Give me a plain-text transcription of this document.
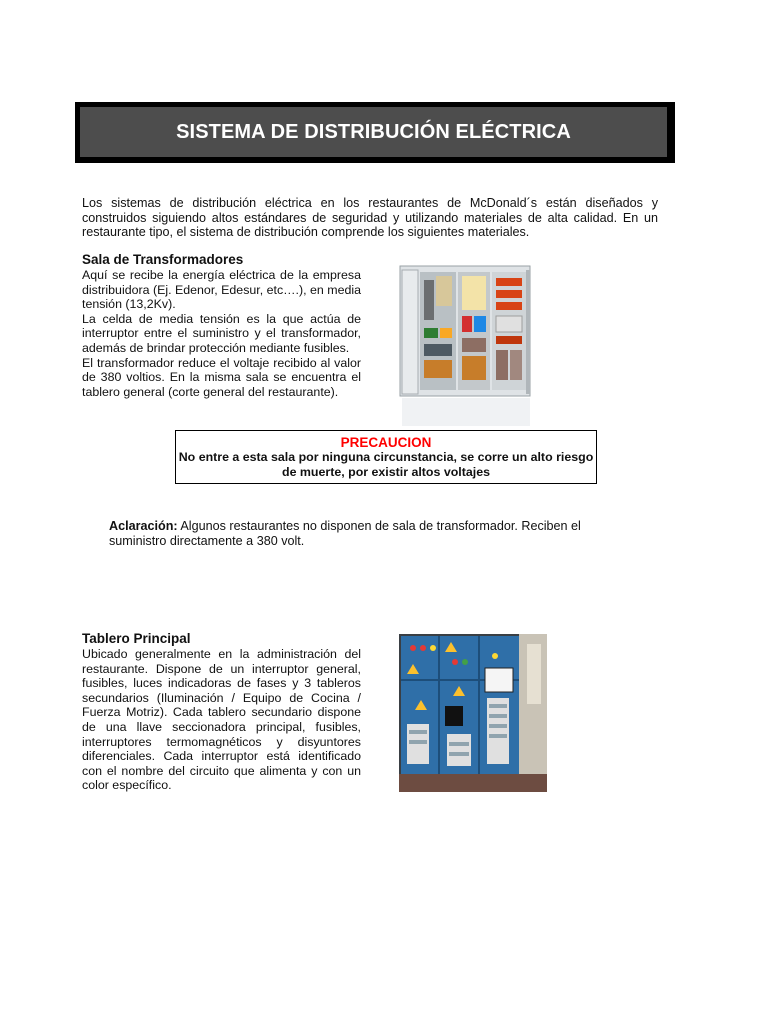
SISTEMA DE DISTRIBUCIÓN ELÉCTRICA
Los sistemas de distribución eléctrica en los restaurantes de McDonald´s están diseñados y construidos siguiendo altos estándares de seguridad y utilizando materiales de alta calidad. En un restaurante tipo, el sistema de distribución comprende los siguientes materiales.
Sala de Transformadores

Aquí se recibe la energía eléctrica de la empresa distribuidora (Ej. Edenor, Edesur, etc….), en media tensión (13,2Kv).

La celda de media tensión es la que actúa de interruptor entre el suministro y el transformador, además de brindar protección mediante fusibles.

El transformador reduce el voltaje recibido al valor de 380 voltios. En la misma sala se encuentra el tablero general (corte general del restaurante).

PRECAUCION
No entre a esta sala por ninguna circunstancia, se corre un alto riesgo de muerte, por existir altos voltajes
Aclaración: Algunos restaurantes no disponen de sala de transformador. Reciben el suministro directamente a 380 volt.
Tablero Principal

Ubicado generalmente en la administración del restaurante. Dispone de un interruptor general, fusibles, luces indicadoras de fases y 3 tableros secundarios (Iluminación / Equipo de Cocina / Fuerza Motriz). Cada tablero secundario dispone de una llave seccionadora principal, fusibles, interruptores termomagnéticos y disyuntores diferenciales. Cada interruptor está identificado con el nombre del circuito que alimenta y con un color específico.
